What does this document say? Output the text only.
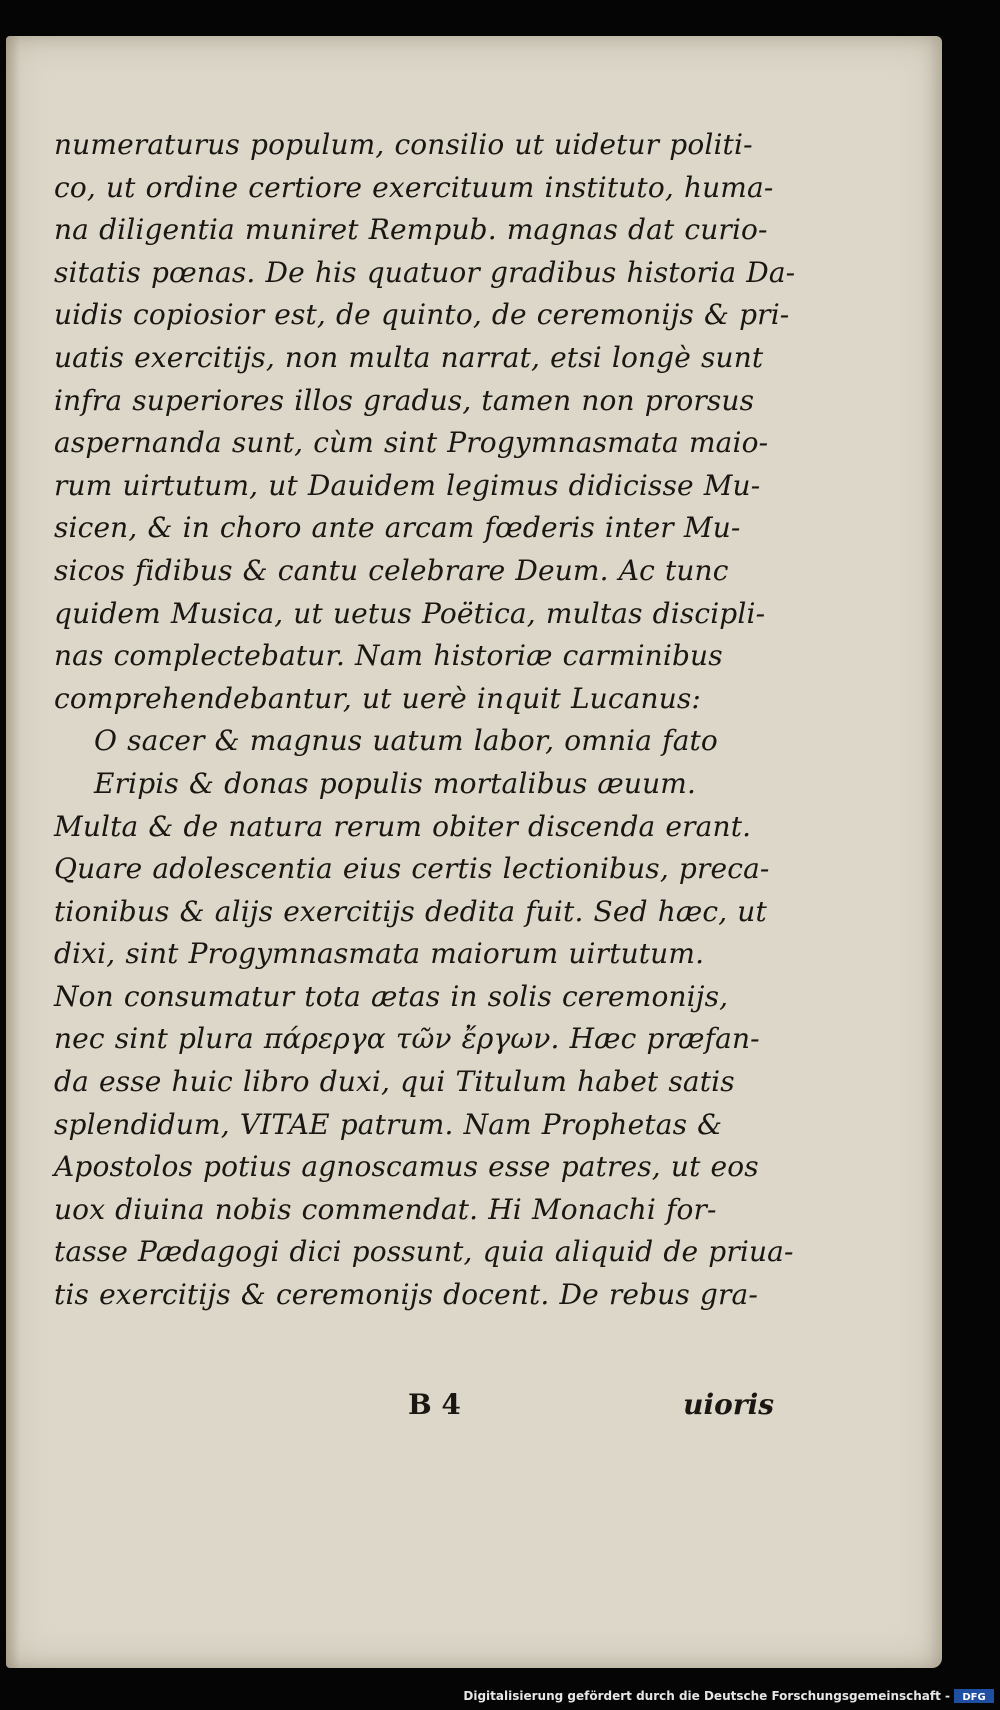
numeraturus populum, consilio ut uidetur politi-
co, ut ordine certiore exercituum instituto, huma-
na diligentia muniret Rempub. magnas dat curio-
sitatis pœnas. De his quatuor gradibus historia Da-
uidis copiosior est, de quinto, de ceremonijs & pri-
uatis exercitijs, non multa narrat, etsi longè sunt
infra superiores illos gradus, tamen non prorsus
aspernanda sunt, cùm sint Progymnasmata maio-
rum uirtutum, ut Dauidem legimus didicisse Mu-
sicen, & in choro ante arcam fœderis inter Mu-
sicos fidibus & cantu celebrare Deum. Ac tunc
quidem Musica, ut uetus Poëtica, multas discipli-
nas complectebatur. Nam historiæ carminibus
comprehendebantur, ut uerè inquit Lucanus:
O sacer & magnus uatum labor, omnia fato
Eripis & donas populis mortalibus æuum.
Multa & de natura rerum obiter discenda erant.
Quare adolescentia eius certis lectionibus, preca-
tionibus & alijs exercitijs dedita fuit. Sed hæc, ut
dixi, sint Progymnasmata maiorum uirtutum.
Non consumatur tota ætas in solis ceremonijs,
nec sint plura πάρεργα τῶν ἔργων. Hæc præfan-
da esse huic libro duxi, qui Titulum habet satis
splendidum, VITAE patrum. Nam Prophetas &
Apostolos potius agnoscamus esse patres, ut eos
uox diuina nobis commendat. Hi Monachi for-
tasse Pædagogi dici possunt, quia aliquid de priua-
tis exercitijs & ceremonijs docent. De rebus gra-
B 4	uioris
Digitalisierung gefördert durch die Deutsche Forschungsgemeinschaft - DFG
